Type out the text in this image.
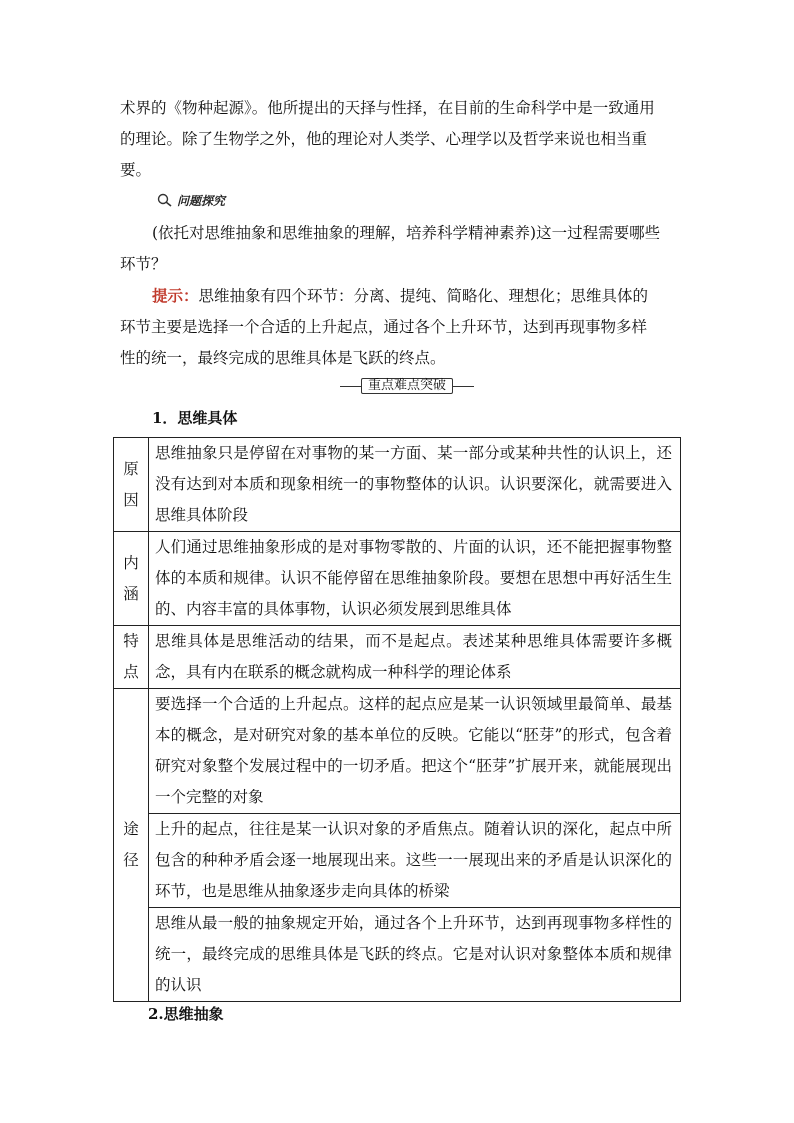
术界的《物种起源》。他所提出的天择与性择，在目前的生命科学中是一致通用
的理论。除了生物学之外，他的理论对人类学、心理学以及哲学来说也相当重
要。
问题探究
(依托对思维抽象和思维抽象的理解，培养科学精神素养)这一过程需要哪些
环节？
提示：思维抽象有四个环节：分离、提纯、简略化、理想化；思维具体的
环节主要是选择一个合适的上升起点，通过各个上升环节，达到再现事物多样
性的统一，最终完成的思维具体是飞跃的终点。
重点难点突破
1．思维具体
原因	思维抽象只是停留在对事物的某一方面、某一部分或某种共性的认识上，还没有达到对本质和现象相统一的事物整体的认识。认识要深化，就需要进入思维具体阶段

内涵	人们通过思维抽象形成的是对事物零散的、片面的认识，还不能把握事物整体的本质和规律。认识不能停留在思维抽象阶段。要想在思想中再好活生生的、内容丰富的具体事物，认识必须发展到思维具体

特点	思维具体是思维活动的结果，而不是起点。表述某种思维具体需要许多概念，具有内在联系的概念就构成一种科学的理论体系

途径	要选择一个合适的上升起点。这样的起点应是某一认识领域里最简单、最基本的概念，是对研究对象的基本单位的反映。它能以“胚芽”的形式，包含着研究对象整个发展过程中的一切矛盾。把这个“胚芽”扩展开来，就能展现出一个完整的对象
	上升的起点，往往是某一认识对象的矛盾焦点。随着认识的深化，起点中所包含的种种矛盾会逐一地展现出来。这些一一展现出来的矛盾是认识深化的环节，也是思维从抽象逐步走向具体的桥梁
	思维从最一般的抽象规定开始，通过各个上升环节，达到再现事物多样性的统一，最终完成的思维具体是飞跃的终点。它是对认识对象整体本质和规律的认识
2.思维抽象
